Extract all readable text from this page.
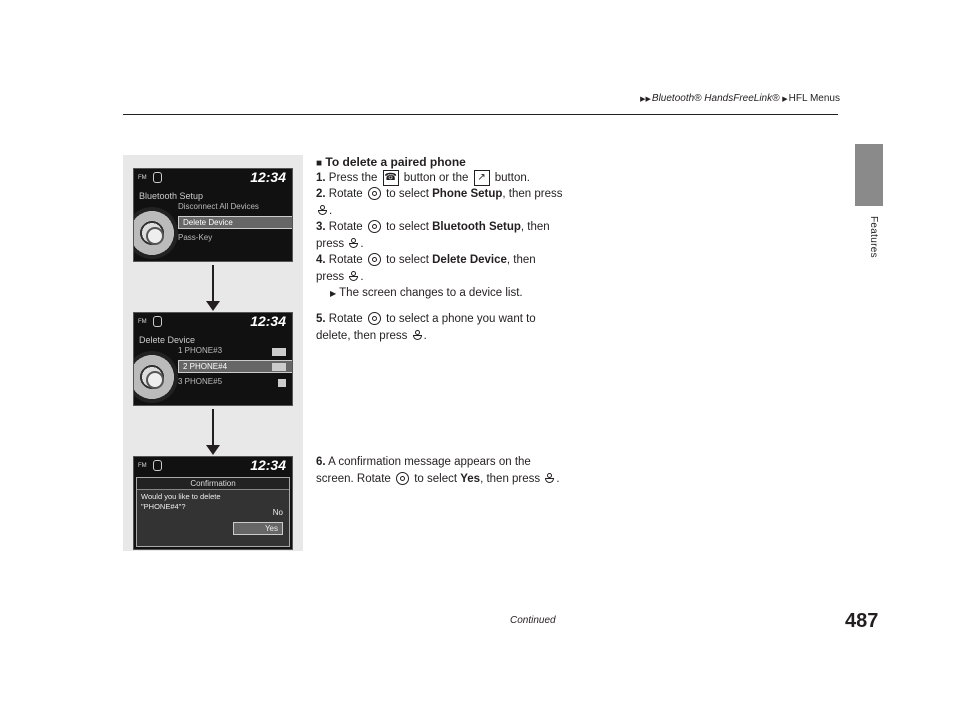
▶▶Bluetooth® HandsFreeLink® ▶HFL Menus
Features
FM	12:34
Bluetooth Setup
Disconnect All Devices
Delete Device
Pass-Key
FM	12:34
Delete Device
1 PHONE#3
2 PHONE#4
3 PHONE#5
FM	12:34
Confirmation
Would you like to delete "PHONE#4"?
No
Yes
■ To delete a paired phone
1. Press the ☎ button or the ↗ button.
2. Rotate to select Phone Setup, then press .
3. Rotate to select Bluetooth Setup, then press .
4. Rotate to select Delete Device, then press .
▶ The screen changes to a device list.
5. Rotate to select a phone you want to delete, then press .
6. A confirmation message appears on the screen. Rotate to select Yes, then press .
Continued	487
